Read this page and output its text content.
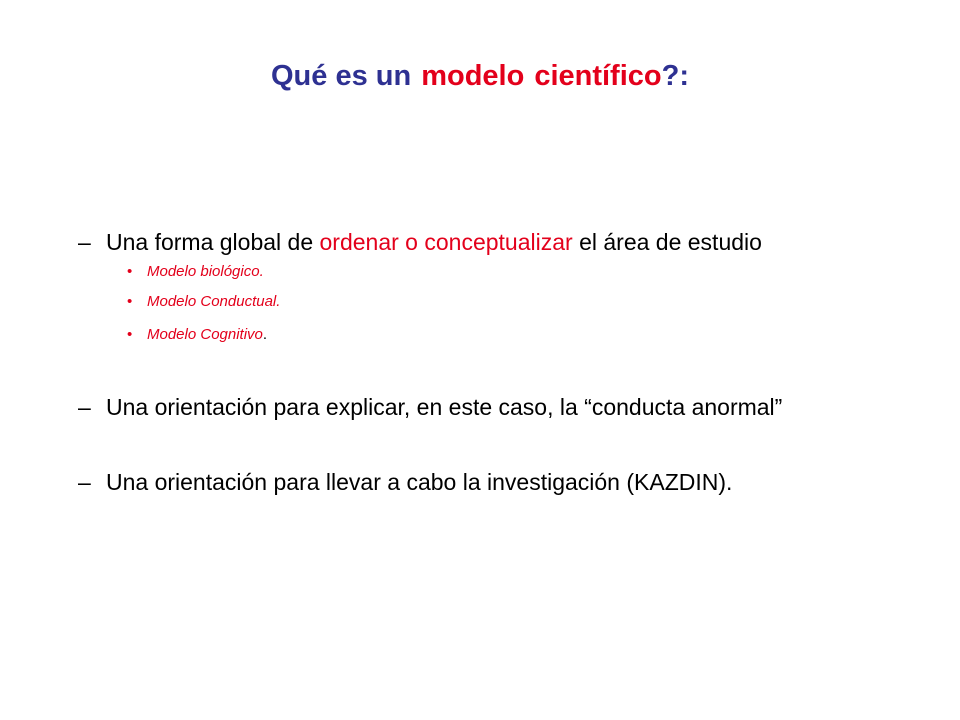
Qué es un modelo científico?:
– Una forma global de ordenar o conceptualizar el área de estudio
• Modelo biológico.
• Modelo Conductual.
• Modelo Cognitivo.
– Una orientación para explicar, en este caso, la “conducta anormal”
– Una orientación para llevar a cabo la investigación (KAZDIN).
